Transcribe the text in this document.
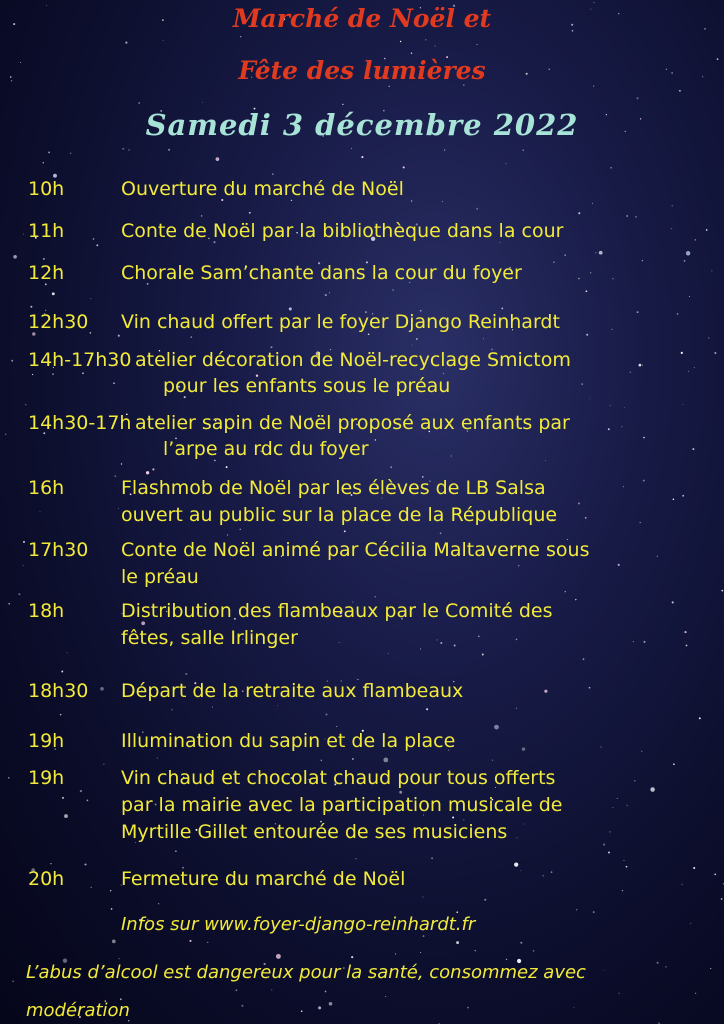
Marché de Noël et
Fête des lumières
Samedi 3 décembre 2022
10h	Ouverture du marché de Noël
11h	Conte de Noël par la bibliothèque dans la cour
12h	Chorale Sam’chante dans la cour du foyer
12h30 Vin chaud offert par le foyer Django Reinhardt
14h-17h30 atelier décoration de Noël-recyclage Smictom
pour les enfants sous le préau
14h30-17h atelier sapin de Noël proposé aux enfants par
l’arpe au rdc du foyer
16h	Flashmob de Noël par les élèves de LB Salsa
ouvert au public sur la place de la République
17h30 Conte de Noël animé par Cécilia Maltaverne sous
le préau
18h	Distribution des flambeaux par le Comité des
fêtes, salle Irlinger
18h30 Départ de la retraite aux flambeaux
19h	Illumination du sapin et de la place
19h	Vin chaud et chocolat chaud pour tous offerts
par la mairie avec la participation musicale de
Myrtille Gillet entourée de ses musiciens
20h	Fermeture du marché de Noël
Infos sur www.foyer-django-reinhardt.fr
L’abus d’alcool est dangereux pour la santé, consommez avec
modération
